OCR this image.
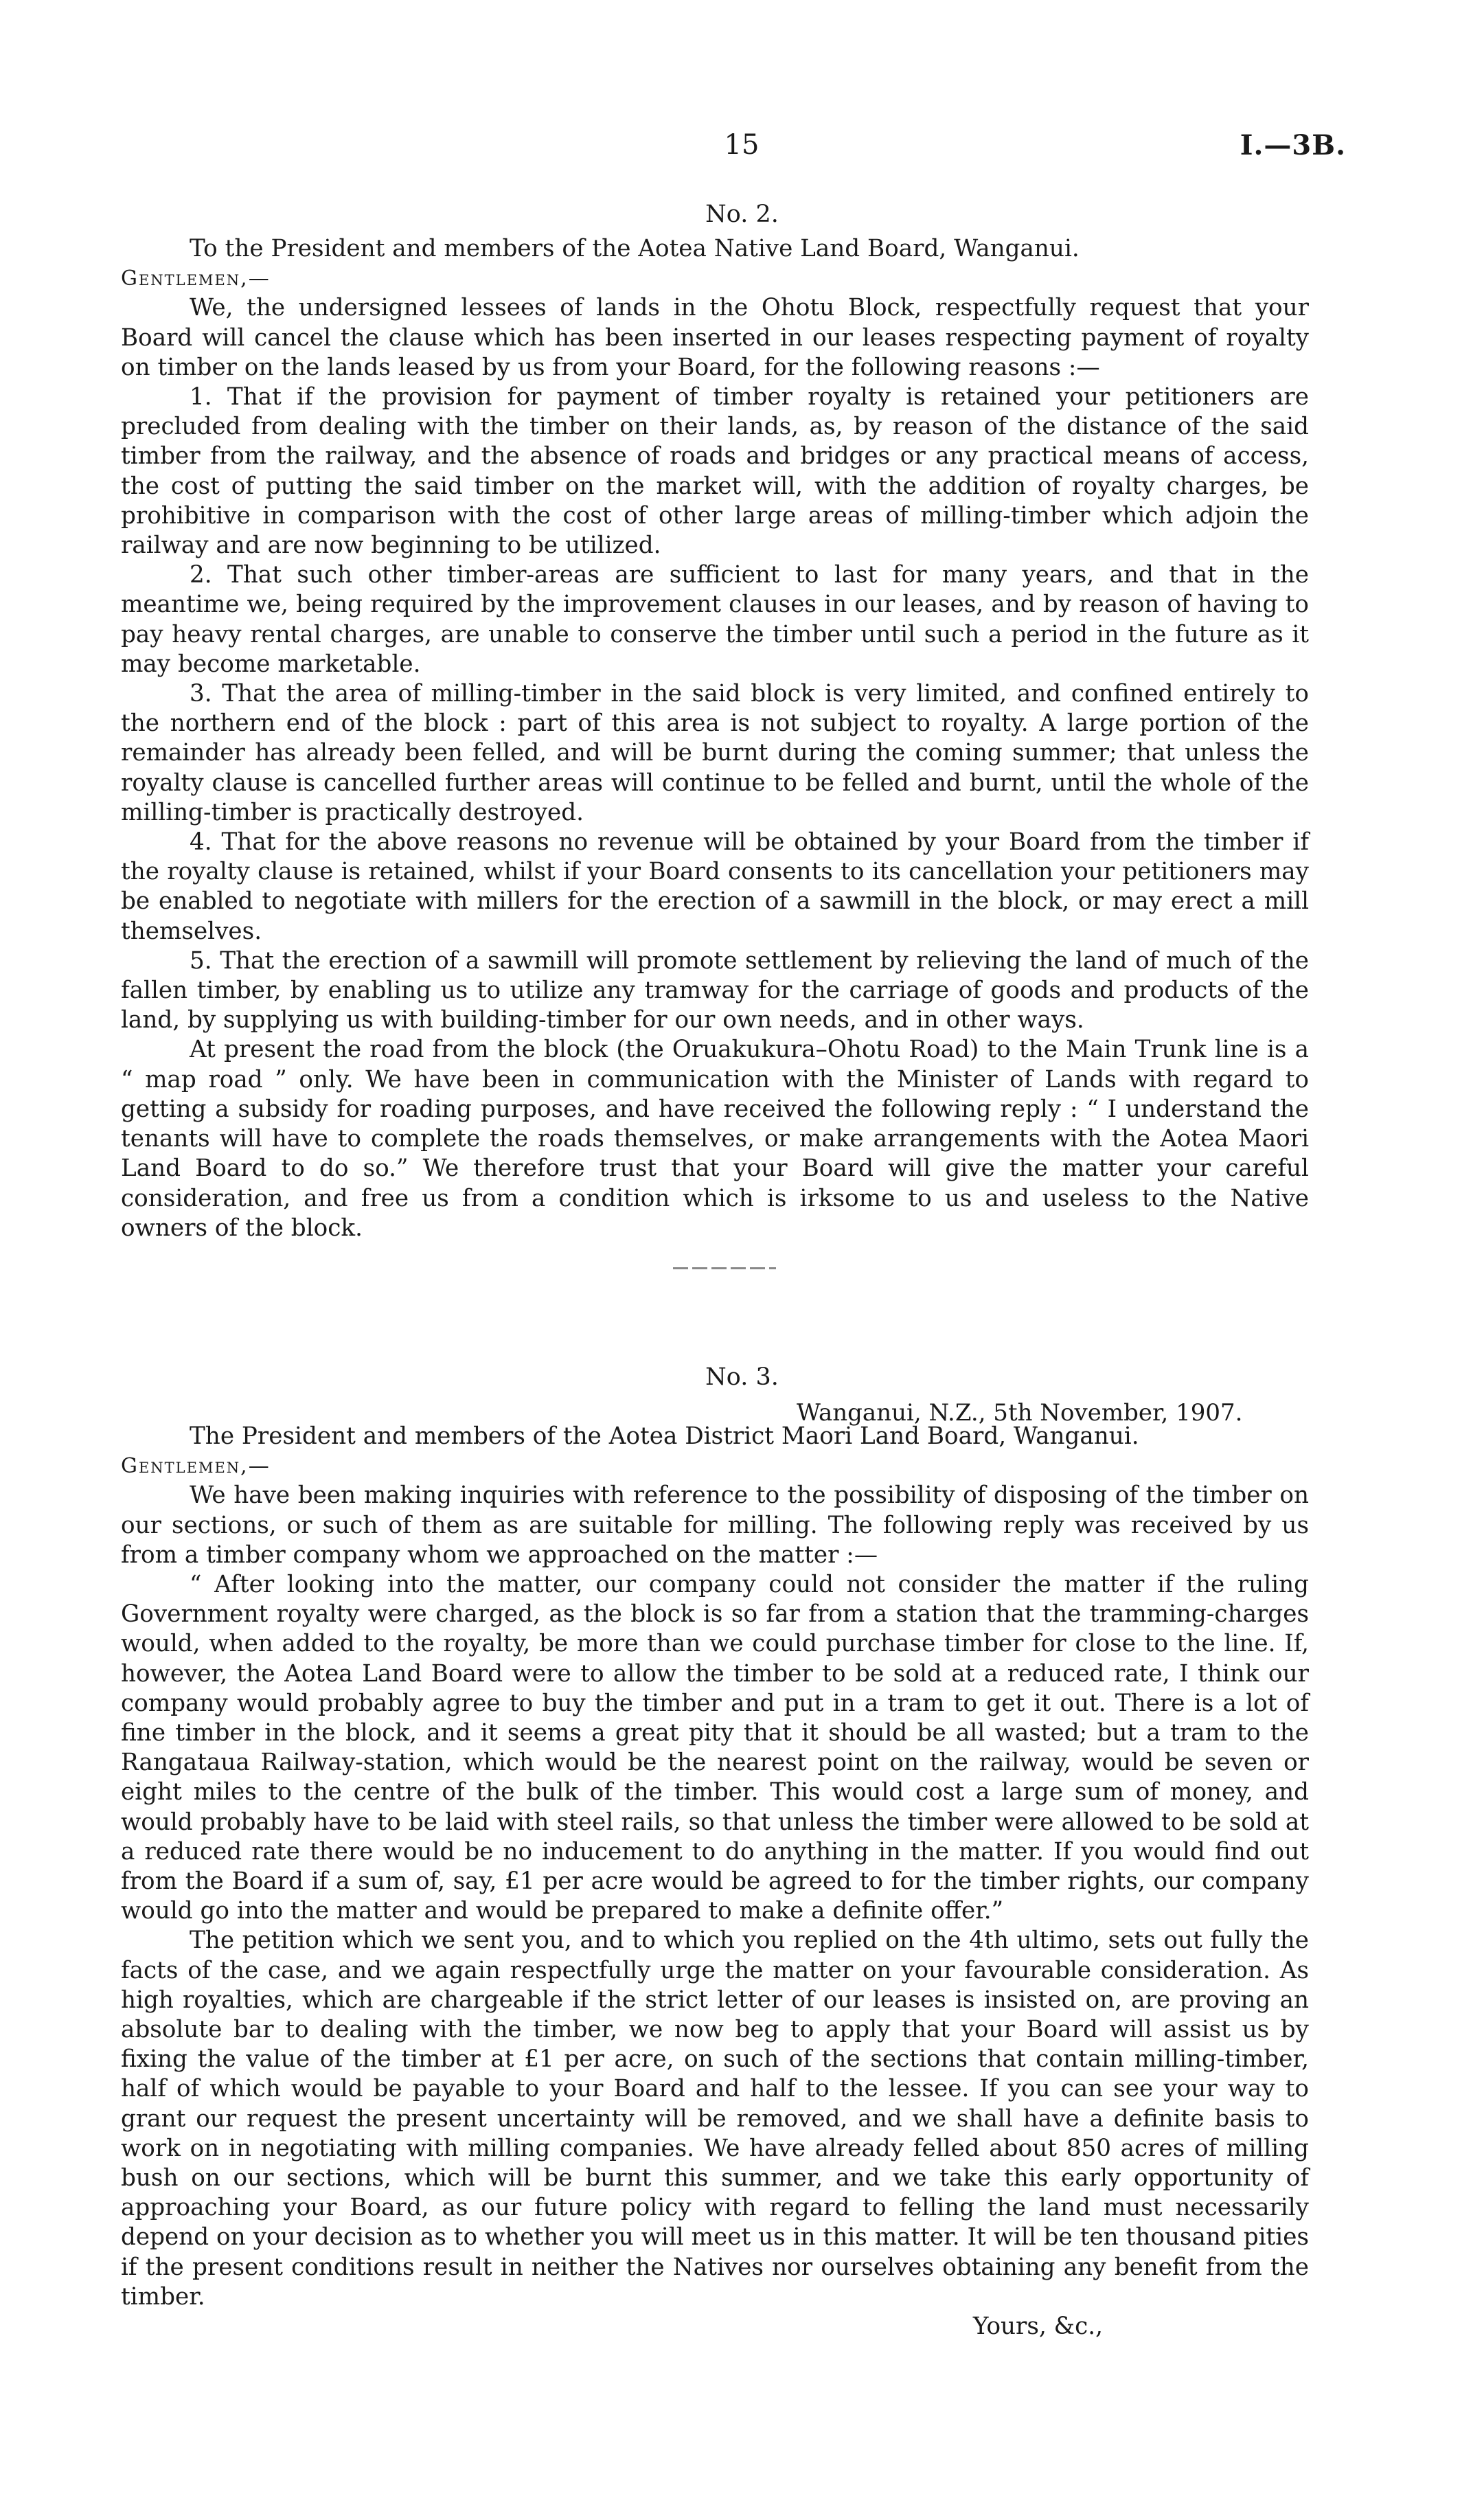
15	I.—3B.
No. 2.

To the President and members of the Aotea Native Land Board, Wanganui.

Gentlemen,—

We, the undersigned lessees of lands in the Ohotu Block, respectfully request that your Board will cancel the clause which has been inserted in our leases respecting payment of royalty on timber on the lands leased by us from your Board, for the following reasons :—

1. That if the provision for payment of timber royalty is retained your petitioners are precluded from dealing with the timber on their lands, as, by reason of the distance of the said timber from the railway, and the absence of roads and bridges or any practical means of access, the cost of putting the said timber on the market will, with the addition of royalty charges, be prohibitive in comparison with the cost of other large areas of milling-timber which adjoin the railway and are now beginning to be utilized.

2. That such other timber-areas are sufficient to last for many years, and that in the meantime we, being required by the improvement clauses in our leases, and by reason of having to pay heavy rental charges, are unable to conserve the timber until such a period in the future as it may become marketable.

3. That the area of milling-timber in the said block is very limited, and confined entirely to the northern end of the block : part of this area is not subject to royalty. A large portion of the remainder has already been felled, and will be burnt during the coming summer; that unless the royalty clause is cancelled further areas will continue to be felled and burnt, until the whole of the milling-timber is practically destroyed.

4. That for the above reasons no revenue will be obtained by your Board from the timber if the royalty clause is retained, whilst if your Board consents to its cancellation your petitioners may be enabled to negotiate with millers for the erection of a sawmill in the block, or may erect a mill themselves.

5. That the erection of a sawmill will promote settlement by relieving the land of much of the fallen timber, by enabling us to utilize any tramway for the carriage of goods and products of the land, by supplying us with building-timber for our own needs, and in other ways.

At present the road from the block (the Oruakukura–Ohotu Road) to the Main Trunk line is a “ map road ” only. We have been in communication with the Minister of Lands with regard to getting a subsidy for roading purposes, and have received the following reply : “ I understand the tenants will have to complete the roads themselves, or make arrangements with the Aotea Maori Land Board to do so.” We therefore trust that your Board will give the matter your careful consideration, and free us from a condition which is irksome to us and useless to the Native owners of the block.

No. 3.
Wanganui, N.Z., 5th November, 1907.

The President and members of the Aotea District Maori Land Board, Wanganui.

Gentlemen,—

We have been making inquiries with reference to the possibility of disposing of the timber on our sections, or such of them as are suitable for milling. The following reply was received by us from a timber company whom we approached on the matter :—

“ After looking into the matter, our company could not consider the matter if the ruling Government royalty were charged, as the block is so far from a station that the tramming-charges would, when added to the royalty, be more than we could purchase timber for close to the line. If, however, the Aotea Land Board were to allow the timber to be sold at a reduced rate, I think our company would probably agree to buy the timber and put in a tram to get it out. There is a lot of fine timber in the block, and it seems a great pity that it should be all wasted; but a tram to the Rangataua Railway-station, which would be the nearest point on the railway, would be seven or eight miles to the centre of the bulk of the timber. This would cost a large sum of money, and would probably have to be laid with steel rails, so that unless the timber were allowed to be sold at a reduced rate there would be no inducement to do anything in the matter. If you would find out from the Board if a sum of, say, £1 per acre would be agreed to for the timber rights, our company would go into the matter and would be prepared to make a definite offer.”

The petition which we sent you, and to which you replied on the 4th ultimo, sets out fully the facts of the case, and we again respectfully urge the matter on your favourable consideration. As high royalties, which are chargeable if the strict letter of our leases is insisted on, are proving an absolute bar to dealing with the timber, we now beg to apply that your Board will assist us by fixing the value of the timber at £1 per acre, on such of the sections that contain milling-timber, half of which would be payable to your Board and half to the lessee. If you can see your way to grant our request the present uncertainty will be removed, and we shall have a definite basis to work on in negotiating with milling companies. We have already felled about 850 acres of milling bush on our sections, which will be burnt this summer, and we take this early opportunity of approaching your Board, as our future policy with regard to felling the land must necessarily depend on your decision as to whether you will meet us in this matter. It will be ten thousand pities if the present conditions result in neither the Natives nor ourselves obtaining any benefit from the timber.

Yours, &c.,
